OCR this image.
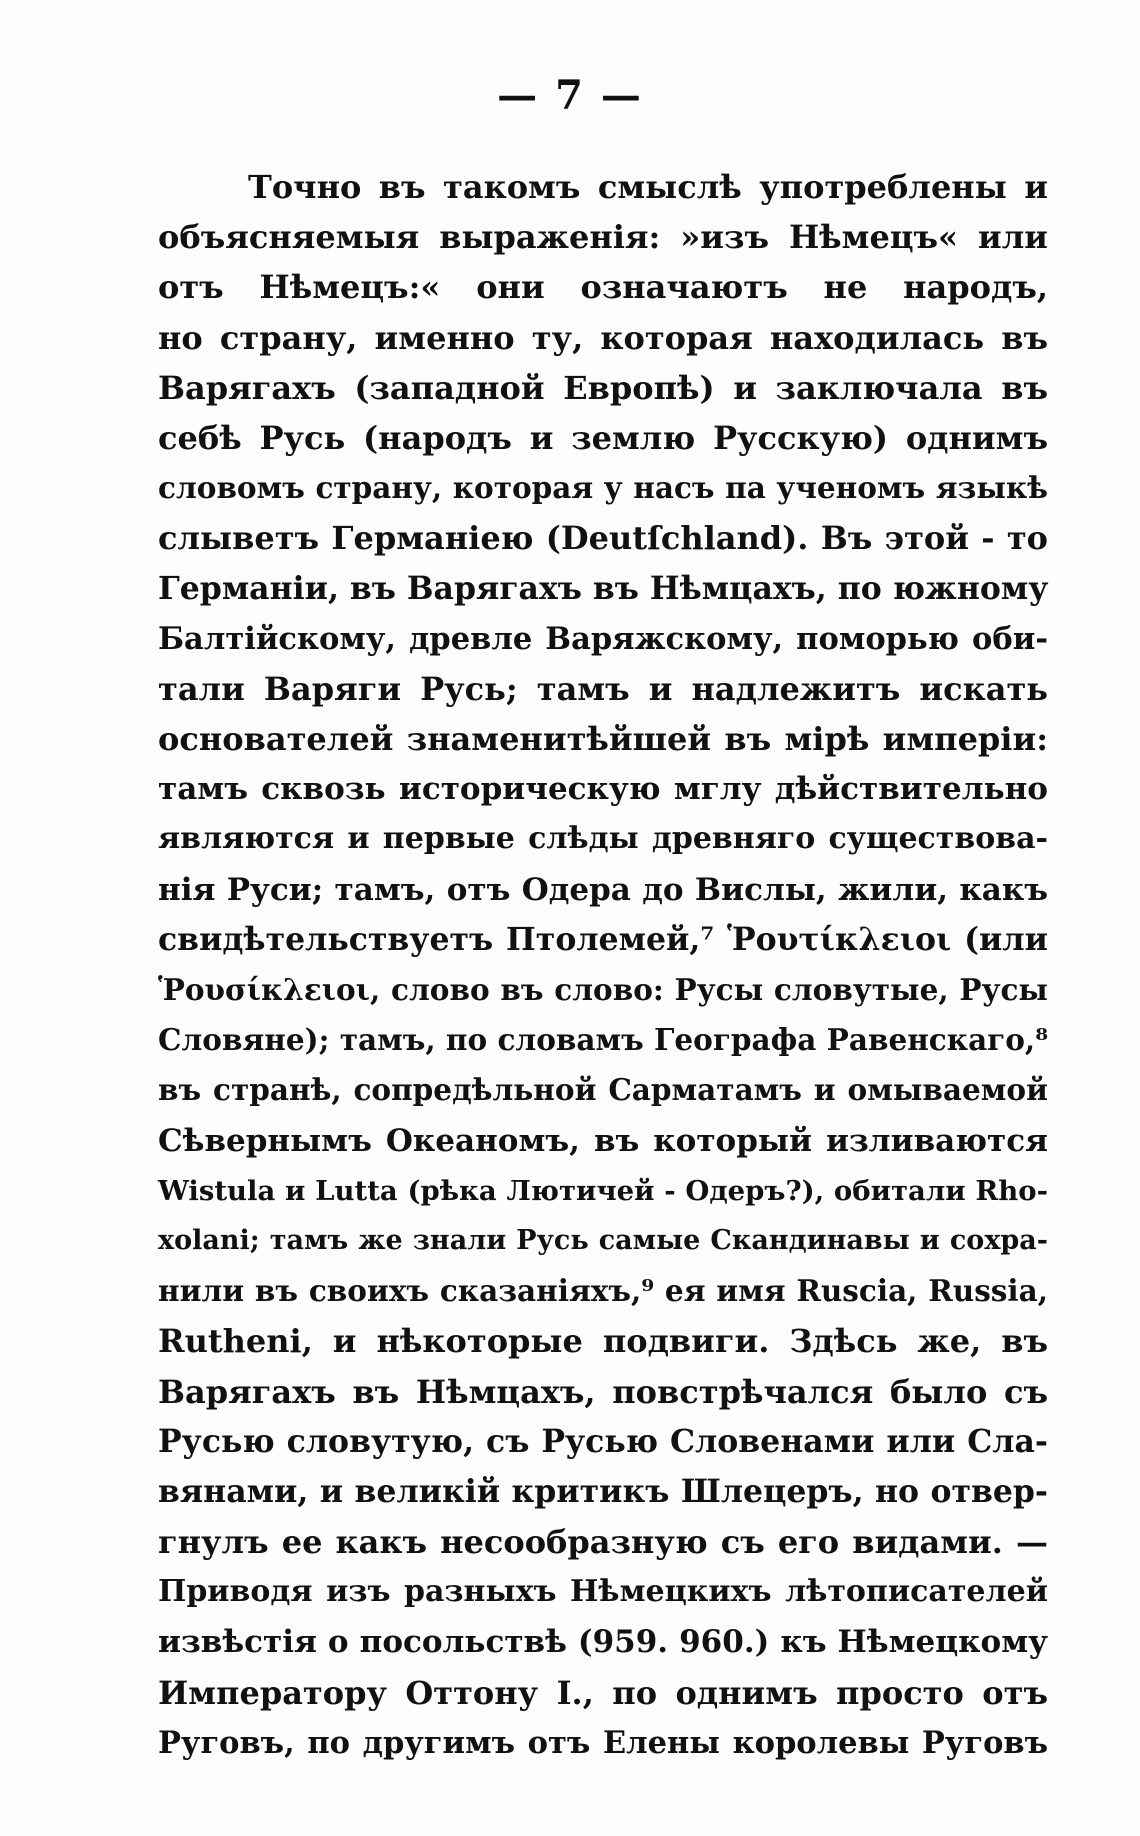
— 7 —
Точно въ такомъ смыслѣ употреблены и
объясняемыя выраженія: »изъ Нѣмецъ« или
отъ Нѣмецъ:« они означаютъ не народъ,
но страну, именно ту, которая находилась въ
Варягахъ (западной Европѣ) и заключала въ
себѣ Русь (народъ и землю Русскую) однимъ
словомъ страну, которая у насъ па ученомъ языкѣ
слыветъ Германіею (Deutſchland). Въ этой - то
Германіи, въ Варягахъ въ Нѣмцахъ, по южному
Балтійскому, древле Варяжскому, поморью оби-
тали Варяги Русь; тамъ и надлежитъ искать
основателей знаменитѣйшей въ мірѣ имперіи:
тамъ сквозь историческую мглу дѣйствительно
являются и первые слѣды древняго существова-
нія Руси; тамъ, отъ Одера до Вислы, жили, какъ
свидѣтельствуетъ Птолемей,⁷ Ῥουτίκλειοι (или
Ῥουσίκλειοι, слово въ слово: Русы словутые, Русы
Словяне); тамъ, по словамъ Географа Равенскаго,⁸
въ странѣ, сопредѣльной Сарматамъ и омываемой
Сѣвернымъ Океаномъ, въ который изливаются
Wistula и Lutta (рѣка Лютичей - Одеръ?), обитали Rho-
xolani; тамъ же знали Русь самые Скандинавы и сохра-
нили въ своихъ сказаніяхъ,⁹ ея имя Ruscia, Russia,
Rutheni, и нѣкоторые подвиги. Здѣсь же, въ
Варягахъ въ Нѣмцахъ, повстрѣчался было съ
Русью словутую, съ Русью Словенами или Сла-
вянами, и великій критикъ Шлецеръ, но отвер-
гнулъ ее какъ несообразную съ его видами. —
Приводя изъ разныхъ Нѣмецкихъ лѣтописателей
извѣстія о посольствѣ (959. 960.) къ Нѣмецкому
Императору Оттону I., по однимъ просто отъ
Руговъ, по другимъ отъ Елены королевы Руговъ
